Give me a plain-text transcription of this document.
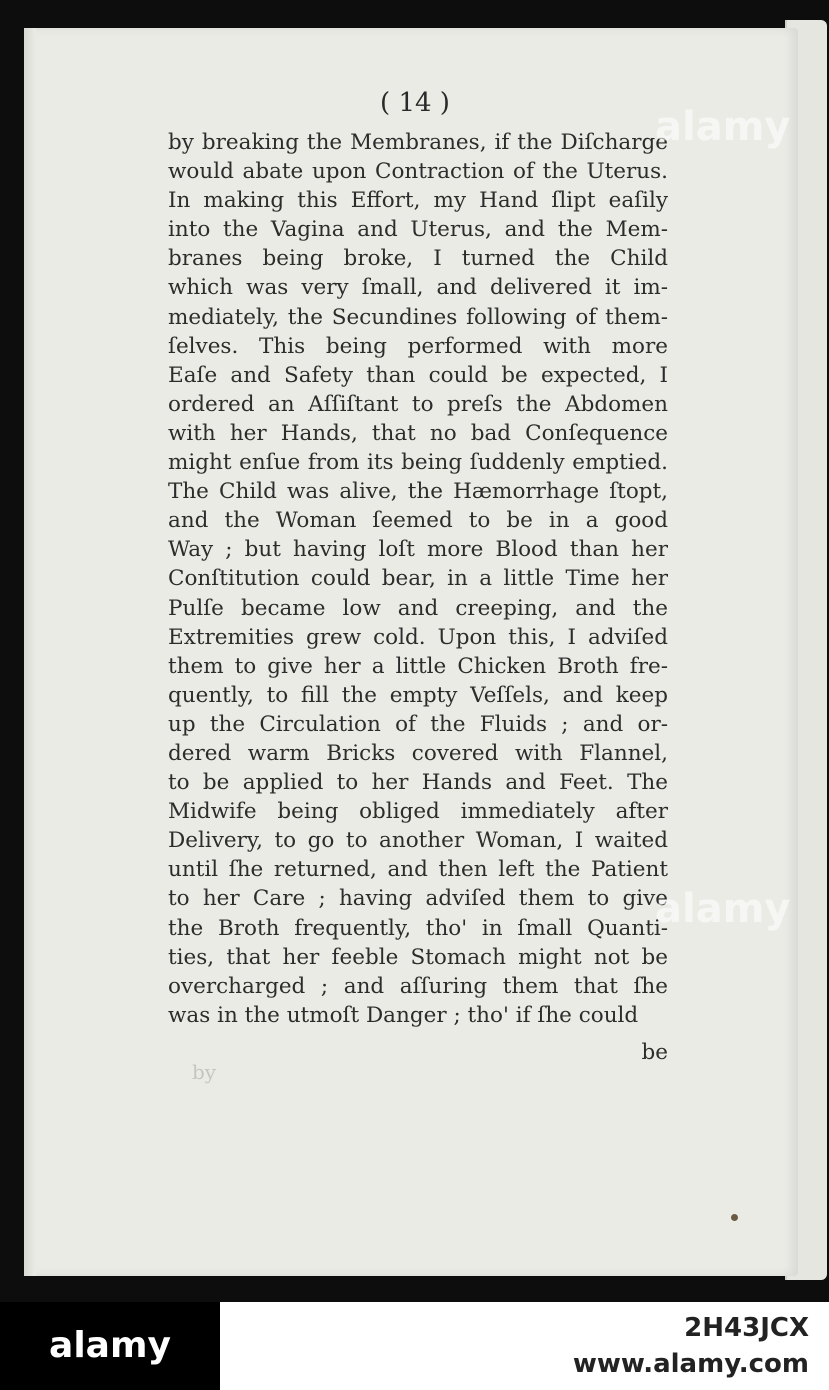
( 14 )
by breaking the Membranes, if the Diſcharge
would abate upon Contraction of the Uterus.
In making this Effort, my Hand ſlipt eaſily
into the Vagina and Uterus, and the Mem-
branes being broke, I turned the Child
which was very ſmall, and delivered it im-
mediately, the Secundines following of them-
ſelves. This being performed with more
Eaſe and Safety than could be expected, I
ordered an Aſſiſtant to preſs the Abdomen
with her Hands, that no bad Conſequence
might enſue from its being ſuddenly emptied.
The Child was alive, the Hæmorrhage ſtopt,
and the Woman ſeemed to be in a good
Way ; but having loſt more Blood than her
Conſtitution could bear, in a little Time her
Pulſe became low and creeping, and the
Extremities grew cold. Upon this, I adviſed
them to give her a little Chicken Broth fre-
quently, to fill the empty Veſſels, and keep
up the Circulation of the Fluids ; and or-
dered warm Bricks covered with Flannel,
to be applied to her Hands and Feet. The
Midwife being obliged immediately after
Delivery, to go to another Woman, I waited
until ſhe returned, and then left the Patient
to her Care ; having adviſed them to give
the Broth frequently, tho' in ſmall Quanti-
ties, that her feeble Stomach might not be
overcharged ; and aſſuring them that ſhe
was in the utmoſt Danger ; tho' if ſhe could
be
by
alamy
alamy
alamy	2H43JCX
www.alamy.com
